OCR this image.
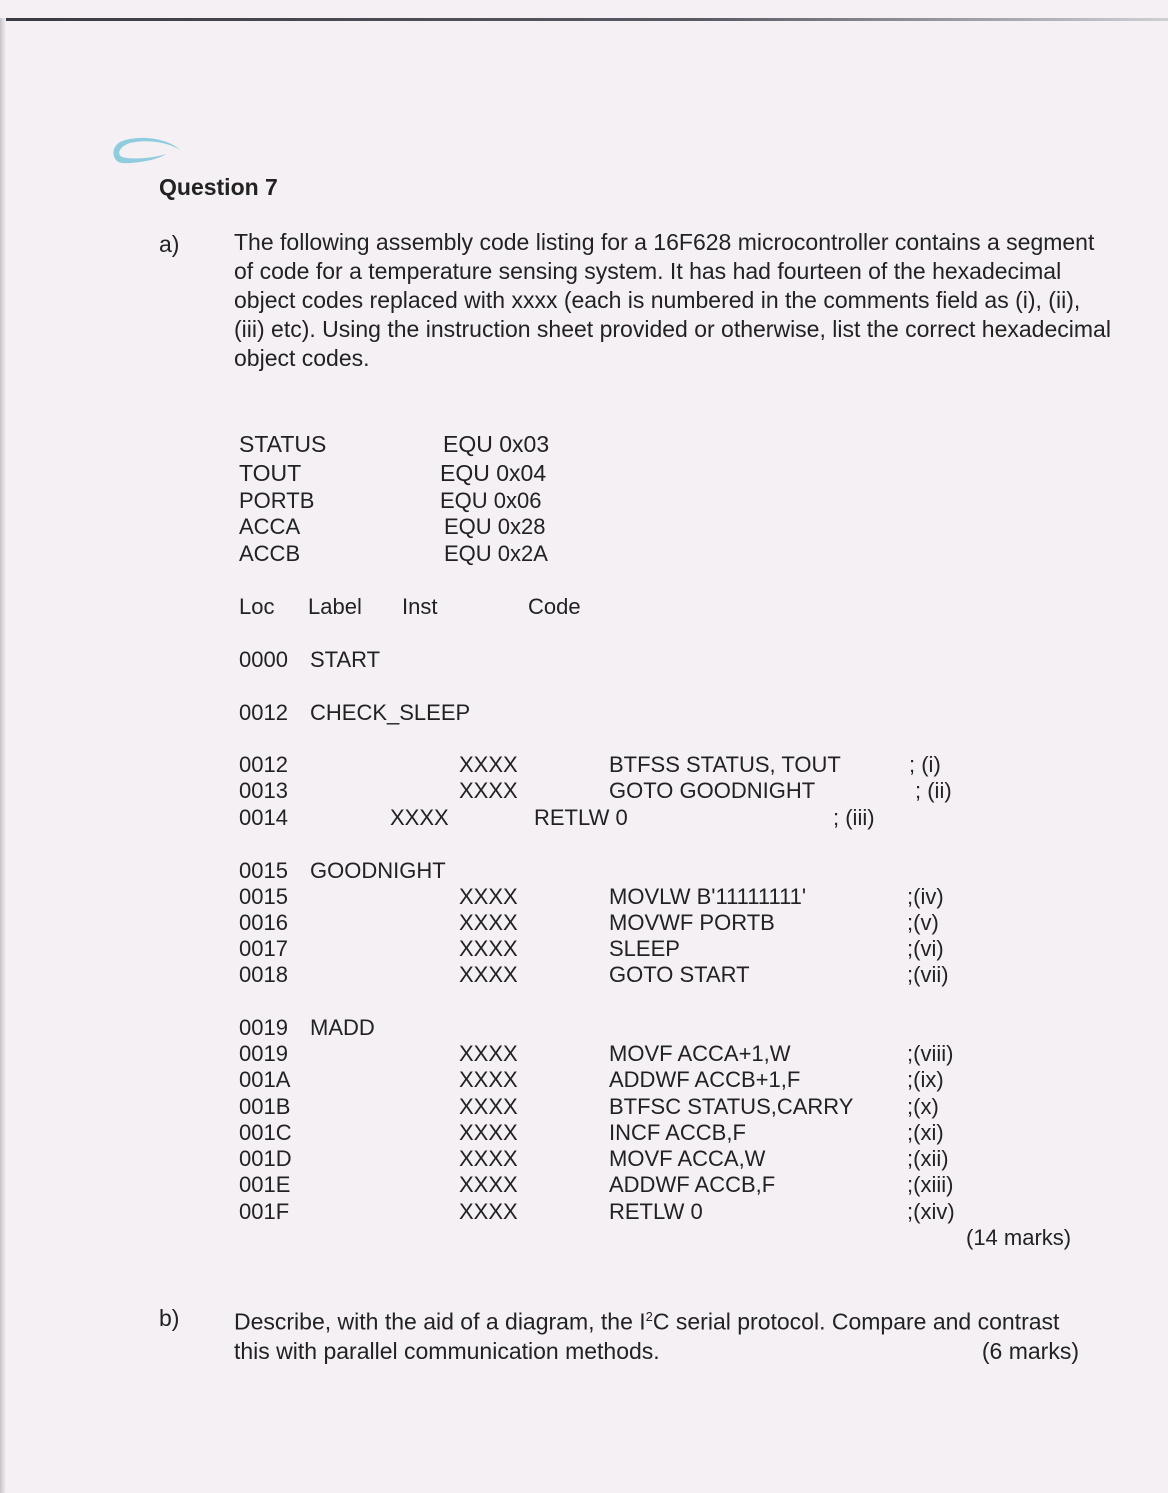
Question 7
a) The following assembly code listing for a 16F628 microcontroller contains a segment of code for a temperature sensing system. It has had fourteen of the hexadecimal object codes replaced with xxxx (each is numbered in the comments field as (i), (ii), (iii) etc). Using the instruction sheet provided or otherwise, list the correct hexadecimal object codes.
STATUS	EQU 0x03
TOUT	EQU 0x04
PORTB	EQU 0x06
ACCA	EQU 0x28
ACCB	EQU 0x2A
Loc Label Inst	Code
0000 START
0012 CHECK_SLEEP
0012	XXXX	BTFSS STATUS, TOUT	; (i)
0013	XXXX	GOTO GOODNIGHT	; (ii)
0014	XXXX	RETLW 0	; (iii)
0015 GOODNIGHT
0015	XXXX	MOVLW B'11111111'	;(iv)
0016	XXXX	MOVWF PORTB	;(v)
0017	XXXX	SLEEP	;(vi)
0018	XXXX	GOTO START	;(vii)
0019 MADD
0019	XXXX	MOVF ACCA+1,W	;(viii)
001A	XXXX	ADDWF ACCB+1,F	;(ix)
001B	XXXX	BTFSC STATUS,CARRY ;(x)
001C	XXXX	INCF ACCB,F	;(xi)
001D	XXXX	MOVF ACCA,W	;(xii)
001E	XXXX	ADDWF ACCB,F	;(xiii)
001F	XXXX	RETLW 0	;(xiv)
(14 marks)
b) Describe, with the aid of a diagram, the $I^2C$ serial protocol. Compare and contrast this with parallel communication methods.	(6 marks)
